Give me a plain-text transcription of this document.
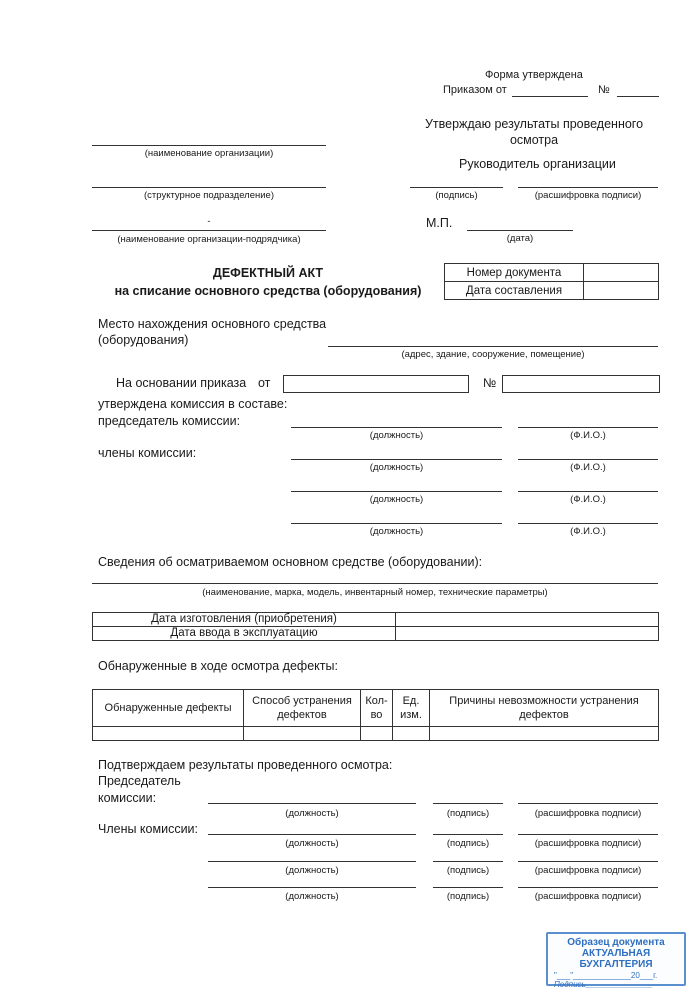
Форма утверждена
Приказом от	№
Утверждаю результаты проведенного осмотра
Руководитель организации
(подпись)	(расшифровка подписи)
М.П.
(дата)
(наименование организации)
(структурное подразделение)
-
(наименование организации-подрядчика)
ДЕФЕКТНЫЙ АКТ
на списание основного средства (оборудования)
Номер документа	
Дата составления	
Место нахождения основного средства (оборудования)
(адрес, здание, сооружение, помещение)
На основании приказа от	№
утверждена комиссия в составе:
председатель комиссии:
(должность)	(Ф.И.О.)
члены комиссии:
(должность)	(Ф.И.О.)
(должность)	(Ф.И.О.)
(должность)	(Ф.И.О.)
Сведения об осматриваемом основном средстве (оборудовании):
(наименование, марка, модель, инвентарный номер, технические параметры)
Дата изготовления (приобретения)	
Дата ввода в эксплуатацию	
Обнаруженные в ходе осмотра дефекты:
Обнаруженные дефекты	Способ устранения дефектов	Кол-во	Ед. изм.	Причины невозможности устранения дефектов

Подтверждаем результаты проведенного осмотра:
Председатель
комиссии:
(должность)	(подпись)	(расшифровка подписи)
Члены комиссии:
(должность)	(подпись)	(расшифровка подписи)
(должность)	(подпись)	(расшифровка подписи)
(должность)	(подпись)	(расшифровка подписи)
Образец документа
АКТУАЛЬНАЯ БУХГАЛТЕРИЯ
"___"_____________20___г.
Подпись_______________
